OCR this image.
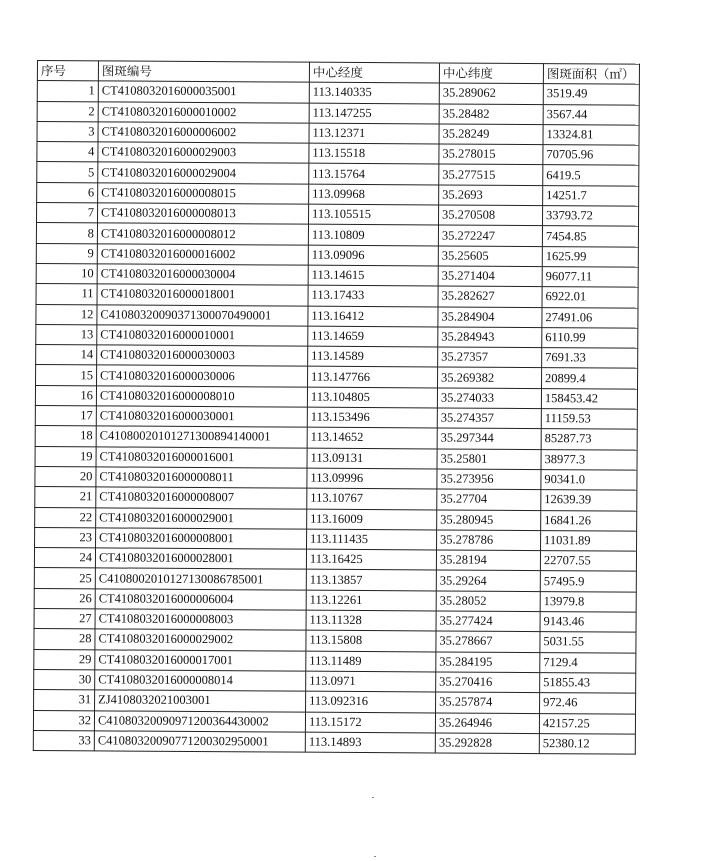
序号	图斑编号	中心经度	中心纬度	图斑面积（㎡）
1	CT4108032016000035001	113.140335	35.289062	3519.49
2	CT4108032016000010002	113.147255	35.28482	3567.44
3	CT4108032016000006002	113.12371	35.28249	13324.81
4	CT4108032016000029003	113.15518	35.278015	70705.96
5	CT4108032016000029004	113.15764	35.277515	6419.5
6	CT4108032016000008015	113.09968	35.2693	14251.7
7	CT4108032016000008013	113.105515	35.270508	33793.72
8	CT4108032016000008012	113.10809	35.272247	7454.85
9	CT4108032016000016002	113.09096	35.25605	1625.99
10	CT4108032016000030004	113.14615	35.271404	96077.11
11	CT4108032016000018001	113.17433	35.282627	6922.01
12	C41080320090371300070490001	113.16412	35.284904	27491.06
13	CT4108032016000010001	113.14659	35.284943	6110.99
14	CT4108032016000030003	113.14589	35.27357	7691.33
15	CT4108032016000030006	113.147766	35.269382	20899.4
16	CT4108032016000008010	113.104805	35.274033	158453.42
17	CT4108032016000030001	113.153496	35.274357	11159.53
18	C41080020101271300894140001	113.14652	35.297344	85287.73
19	CT4108032016000016001	113.09131	35.25801	38977.3
20	CT4108032016000008011	113.09996	35.273956	90341.0
21	CT4108032016000008007	113.10767	35.27704	12639.39
22	CT4108032016000029001	113.16009	35.280945	16841.26
23	CT4108032016000008001	113.111435	35.278786	11031.89
24	CT4108032016000028001	113.16425	35.28194	22707.55
25	C4108002010127130086785001	113.13857	35.29264	57495.9
26	CT4108032016000006004	113.12261	35.28052	13979.8
27	CT4108032016000008003	113.11328	35.277424	9143.46
28	CT4108032016000029002	113.15808	35.278667	5031.55
29	CT4108032016000017001	113.11489	35.284195	7129.4
30	CT4108032016000008014	113.0971	35.270416	51855.43
31	ZJ4108032021003001	113.092316	35.257874	972.46
32	C41080320090971200364430002	113.15172	35.264946	42157.25
33	C41080320090771200302950001	113.14893	35.292828	52380.12
